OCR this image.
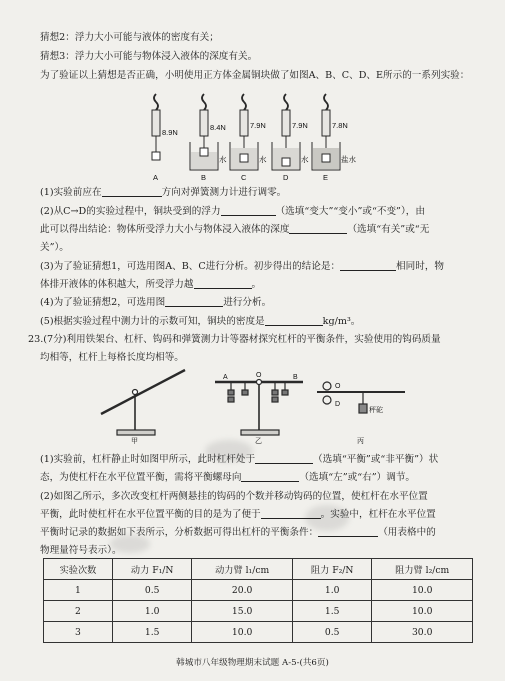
猜想2：浮力大小可能与液体的密度有关；
猜想3：浮力大小可能与物体浸入液体的深度有关。
为了验证以上猜想是否正确，小明使用正方体金属铜块做了如图A、B、C、D、E所示的一系列实验：
8.9N
8.4N	7.9N	7.9N	7.8N
水	水	水	盐水
A	B	C	D	E
(1)实验前应在	方向对弹簧测力计进行调零。
(2)从C→D的实验过程中，铜块受到的浮力	（选填“变大”“变小”或“不变”），由
此可以得出结论：物体所受浮力大小与物体浸入液体的深度	（选填“有关”或“无
关”）。
(3)为了验证猜想1，可选用图A、B、C进行分析。初步得出的结论是：	相同时，物
体排开液体的体积越大，所受浮力越	。
(4)为了验证猜想2，可选用图	进行分析。
(5)根据实验过程中测力计的示数可知，铜块的密度是	kg/m³。
23.(7分)利用铁架台、杠杆、钩码和弹簧测力计等器材探究杠杆的平衡条件，实验使用的钩码质量
均相等，杠杆上每格长度均相等。
A	O	B
O
D
秤砣
甲	乙	丙
(1)实验前，杠杆静止时如图甲所示，此时杠杆处于	（选填“平衡”或“非平衡”）状
态，为使杠杆在水平位置平衡，需将平衡螺母向	（选填“左”或“右”）调节。
(2)如图乙所示，多次改变杠杆两侧悬挂的钩码的个数并移动钩码的位置，使杠杆在水平位置
平衡，此时使杠杆在水平位置平衡的目的是为了便于	。实验中，杠杆在水平位置
平衡时记录的数据如下表所示，分析数据可得出杠杆的平衡条件：	（用表格中的
物理量符号表示）。
实验次数	动力 F₁/N	动力臂 l₁/cm	阻力 F₂/N	阻力臂 l₂/cm
1	0.5	20.0	1.0	10.0
2	1.0	15.0	1.5	10.0
3	1.5	10.0	0.5	30.0
韩城市八年级物理期末试题 A-5-(共6页)
